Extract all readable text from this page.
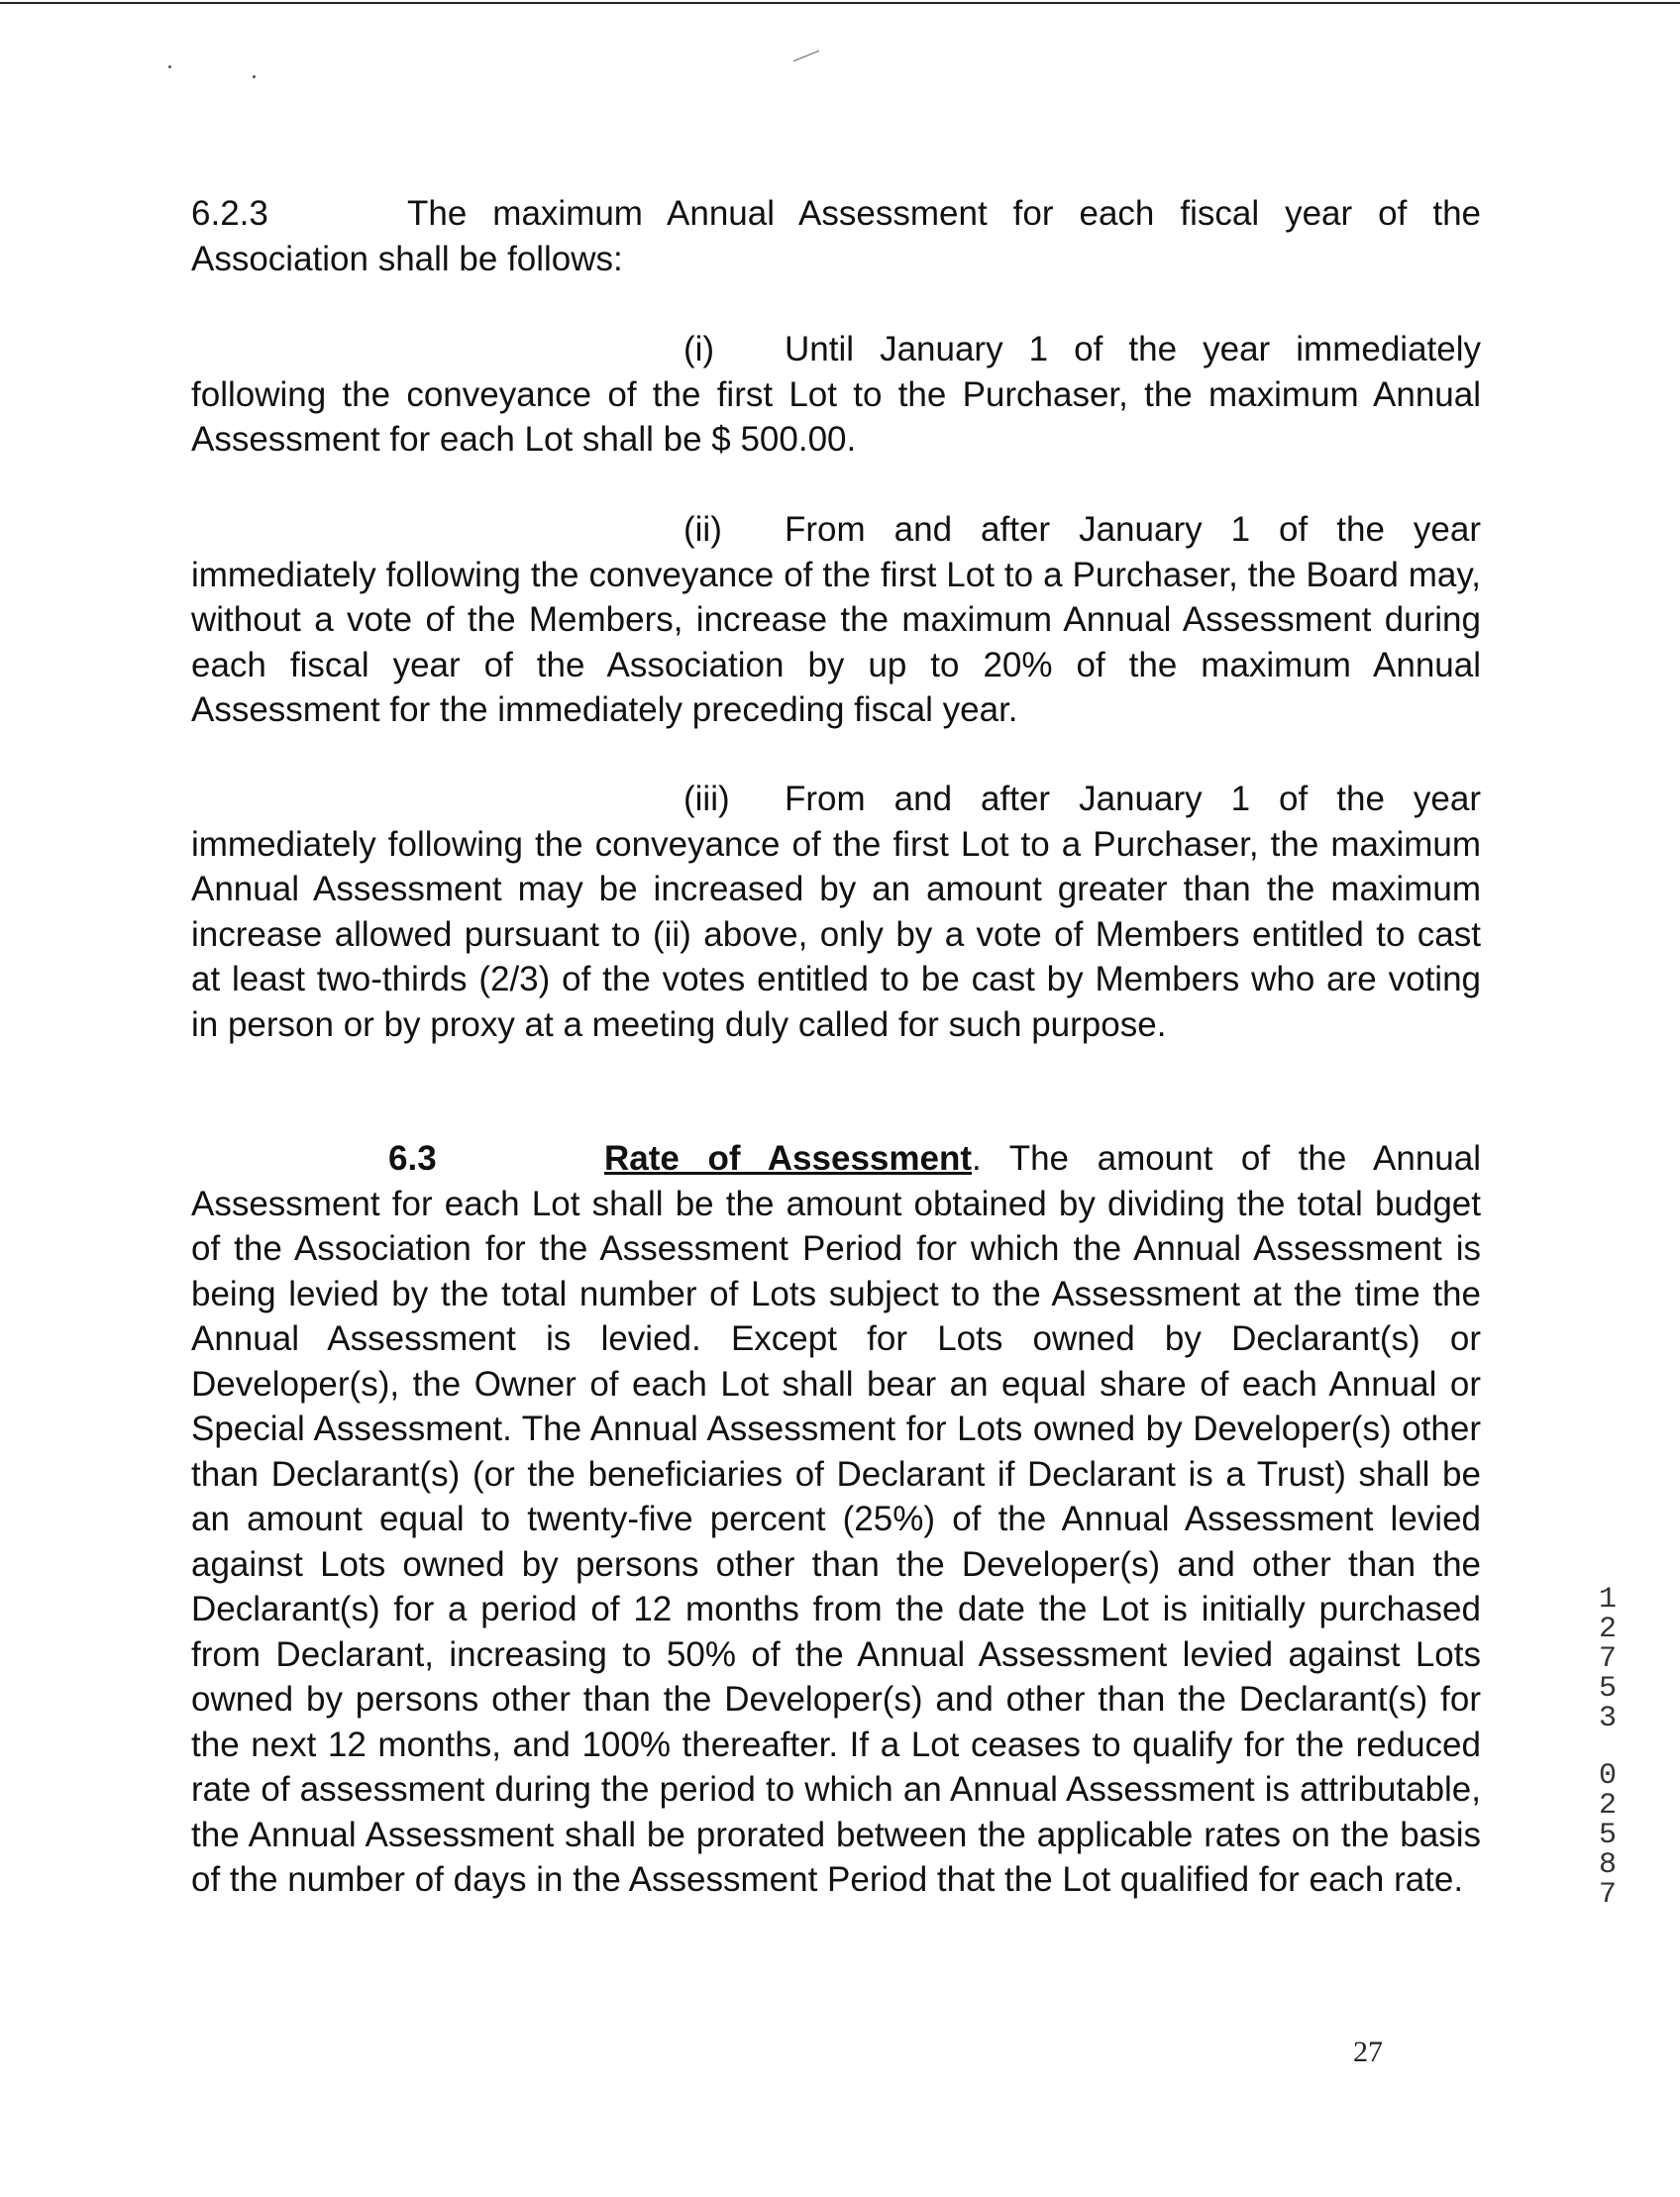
6.2.3	The maximum Annual Assessment for each fiscal year of the Association shall be follows:

(i) Until January 1 of the year immediately following the conveyance of the first Lot to the Purchaser, the maximum Annual Assessment for each Lot shall be $ 500.00.

(ii) From and after January 1 of the year immediately following the conveyance of the first Lot to a Purchaser, the Board may, without a vote of the Members, increase the maximum Annual Assessment during each fiscal year of the Association by up to 20% of the maximum Annual Assessment for the immediately preceding fiscal year.

(iii) From and after January 1 of the year immediately following the conveyance of the first Lot to a Purchaser, the maximum Annual Assessment may be increased by an amount greater than the maximum increase allowed pursuant to (ii) above, only by a vote of Members entitled to cast at least two-thirds (2/3) of the votes entitled to be cast by Members who are voting in person or by proxy at a meeting duly called for such purpose.

6.3	Rate of Assessment. The amount of the Annual Assessment for each Lot shall be the amount obtained by dividing the total budget of the Association for the Assessment Period for which the Annual Assessment is being levied by the total number of Lots subject to the Assessment at the time the Annual Assessment is levied. Except for Lots owned by Declarant(s) or Developer(s), the Owner of each Lot shall bear an equal share of each Annual or Special Assessment. The Annual Assessment for Lots owned by Developer(s) other than Declarant(s) (or the beneficiaries of Declarant if Declarant is a Trust) shall be an amount equal to twenty-five percent (25%) of the Annual Assessment levied against Lots owned by persons other than the Developer(s) and other than the Declarant(s) for a period of 12 months from the date the Lot is initially purchased from Declarant, increasing to 50% of the Annual Assessment levied against Lots owned by persons other than the Developer(s) and other than the Declarant(s) for the next 12 months, and 100% thereafter. If a Lot ceases to qualify for the reduced rate of assessment during the period to which an Annual Assessment is attributable, the Annual Assessment shall be prorated between the applicable rates on the basis of the number of days in the Assessment Period that the Lot qualified for each rate.

1
2
7
5
3
0
2
5
8
7
27
